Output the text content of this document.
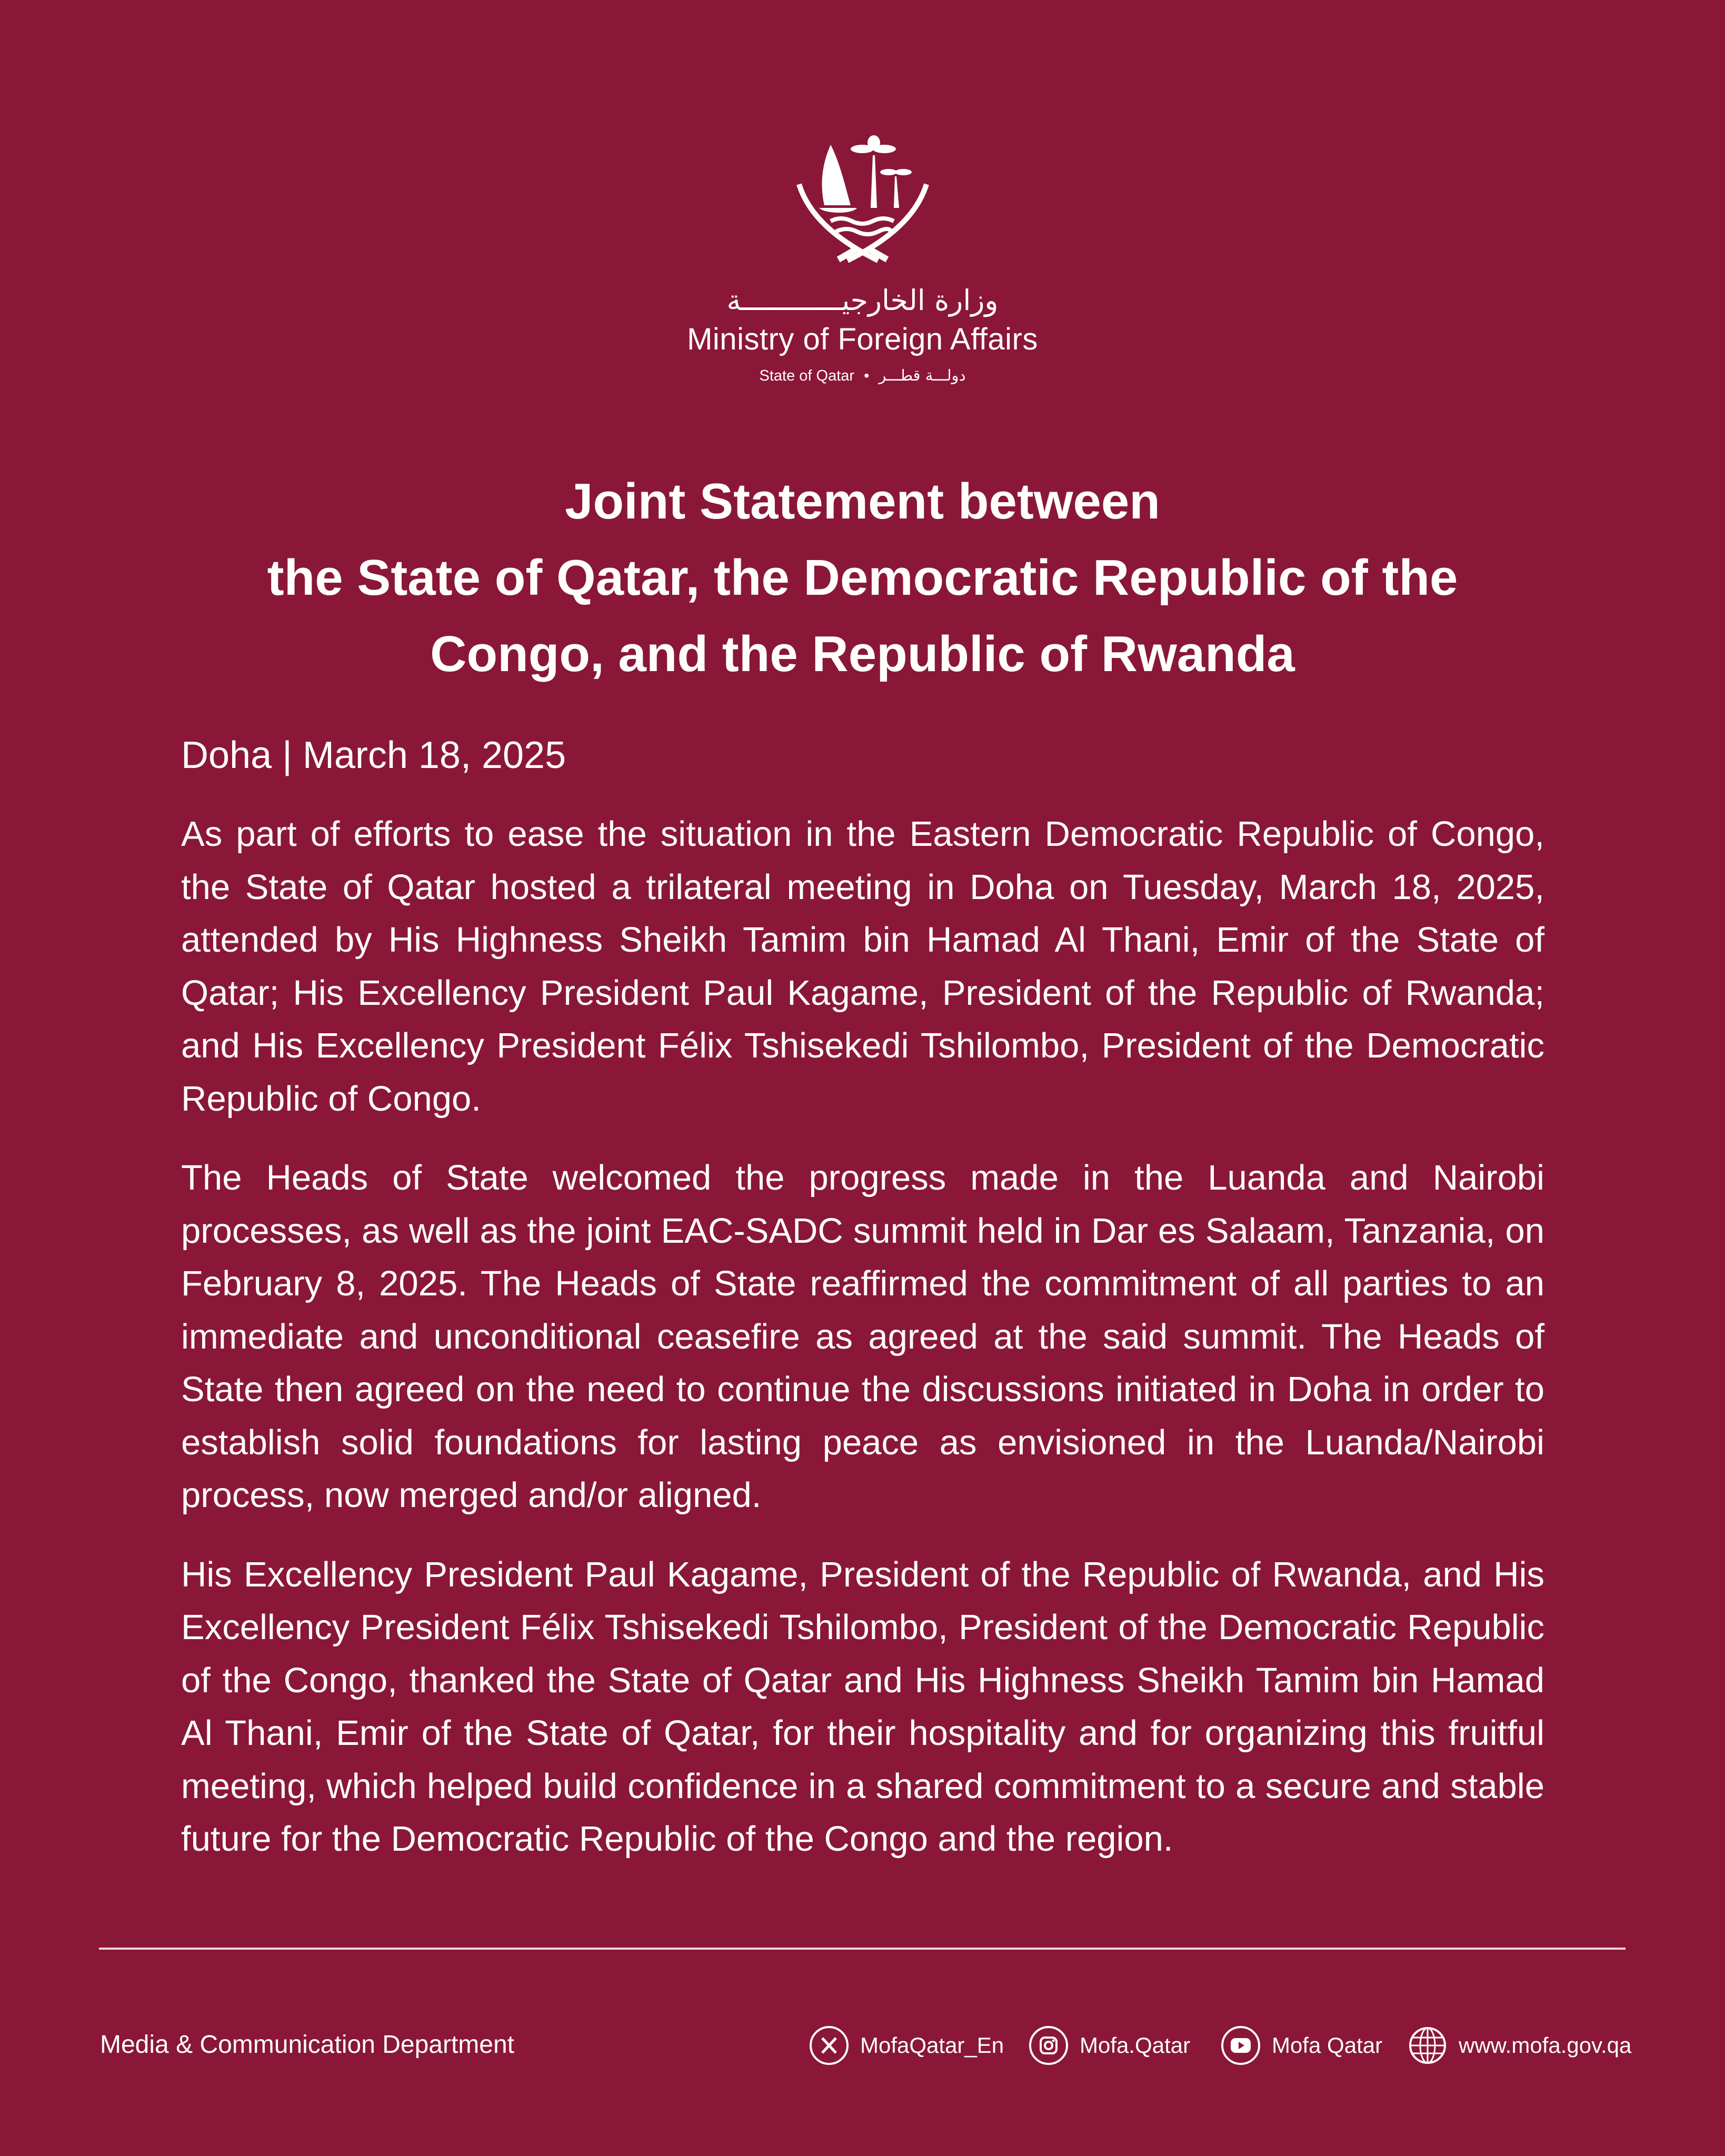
وزارة الخارجيــــــــــــة
Ministry of Foreign Affairs
State of Qatar • دولـــة قطـــر
Joint Statement between
the State of Qatar, the Democratic Republic of the
Congo, and the Republic of Rwanda
Doha | March 18, 2025

As part of efforts to ease the situation in the Eastern Democratic Republic of Congo, the State of Qatar hosted a trilateral meeting in Doha on Tuesday, March 18, 2025, attended by His Highness Sheikh Tamim bin Hamad Al Thani, Emir of the State of Qatar; His Excellency President Paul Kagame, President of the Republic of Rwanda; and His Excellency President Félix Tshisekedi Tshilombo, President of the Democratic Republic of Congo.

The Heads of State welcomed the progress made in the Luanda and Nairobi processes, as well as the joint EAC-SADC summit held in Dar es Salaam, Tanzania, on February 8, 2025. The Heads of State reaffirmed the commitment of all parties to an immediate and unconditional ceasefire as agreed at the said summit. The Heads of State then agreed on the need to continue the discussions initiated in Doha in order to establish solid foundations for lasting peace as envisioned in the Luanda/Nairobi process, now merged and/or aligned.

His Excellency President Paul Kagame, President of the Republic of Rwanda, and His Excellency President Félix Tshisekedi Tshilombo, President of the Democratic Republic of the Congo, thanked the State of Qatar and His Highness Sheikh Tamim bin Hamad Al Thani, Emir of the State of Qatar, for their hospitality and for organizing this fruitful meeting, which helped build confidence in a shared commitment to a secure and stable future for the Democratic Republic of the Congo and the region.

Media & Communication Department	MofaQatar_En	Mofa.Qatar	Mofa Qatar	www.mofa.gov.qa
